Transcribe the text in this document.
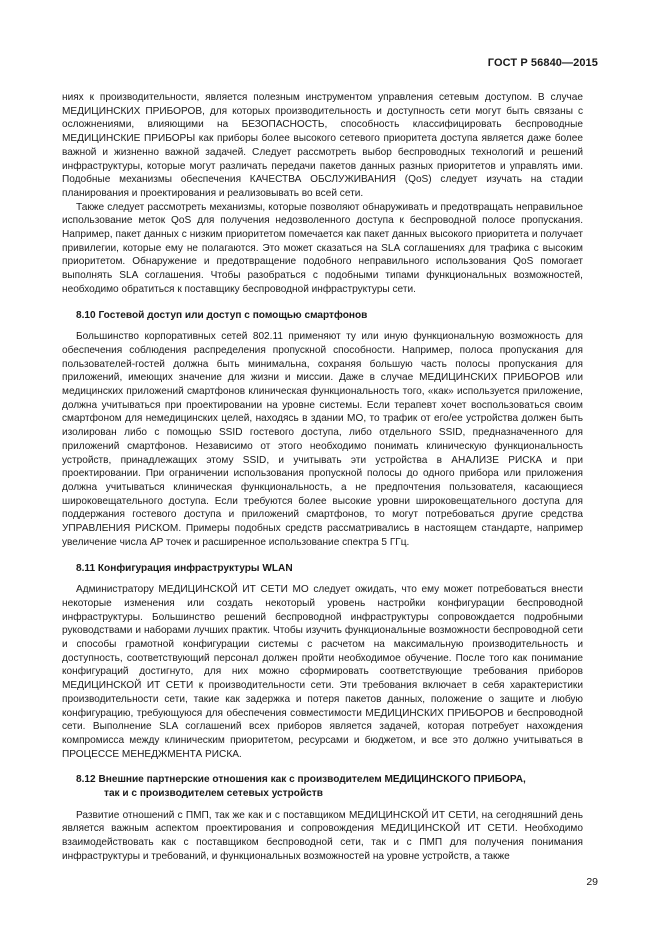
ГОСТ Р 56840—2015

ниях к производительности, является полезным инструментом управления сетевым доступом. В случае МЕДИЦИНСКИХ ПРИБОРОВ, для которых производительность и доступность сети могут быть связаны с осложнениями, влияющими на БЕЗОПАСНОСТЬ, способность классифицировать беспроводные МЕДИЦИНСКИЕ ПРИБОРЫ как приборы более высокого сетевого приоритета доступа является даже более важной и жизненно важной задачей. Следует рассмотреть выбор беспроводных технологий и решений инфраструктуры, которые могут различать передачи пакетов данных разных приоритетов и управлять ими. Подобные механизмы обеспечения КАЧЕСТВА ОБСЛУЖИВАНИЯ (QoS) следует изучать на стадии планирования и проектирования и реализовывать во всей сети.

Также следует рассмотреть механизмы, которые позволяют обнаруживать и предотвращать неправильное использование меток QoS для получения недозволенного доступа к беспроводной полосе пропускания. Например, пакет данных с низким приоритетом помечается как пакет данных высокого приоритета и получает привилегии, которые ему не полагаются. Это может сказаться на SLA соглашениях для трафика с высоким приоритетом. Обнаружение и предотвращение подобного неправильного использования QoS помогает выполнять SLA соглашения. Чтобы разобраться с подобными типами функциональных возможностей, необходимо обратиться к поставщику беспроводной инфраструктуры сети.

8.10 Гостевой доступ или доступ с помощью смартфонов

Большинство корпоративных сетей 802.11 применяют ту или иную функциональную возможность для обеспечения соблюдения распределения пропускной способности. Например, полоса пропускания для пользователей-гостей должна быть минимальна, сохраняя большую часть полосы пропускания для приложений, имеющих значение для жизни и миссии. Даже в случае МЕДИЦИНСКИХ ПРИБОРОВ или медицинских приложений смартфонов клиническая функциональность того, «как» используется приложение, должна учитываться при проектировании на уровне системы. Если терапевт хочет воспользоваться своим смартфоном для немедицинских целей, находясь в здании МО, то трафик от его/ее устройства должен быть изолирован либо с помощью SSID гостевого доступа, либо отдельного SSID, предназначенного для приложений смартфонов. Независимо от этого необходимо понимать клиническую функциональность устройств, принадлежащих этому SSID, и учитывать эти устройства в АНАЛИЗЕ РИСКА и при проектировании. При ограничении использования пропускной полосы до одного прибора или приложения должна учитываться клиническая функциональность, а не предпочтения пользователя, касающиеся широковещательного доступа. Если требуются более высокие уровни широковещательного доступа для поддержания гостевого доступа и приложений смартфонов, то могут потребоваться другие средства УПРАВЛЕНИЯ РИСКОМ. Примеры подобных средств рассматривались в настоящем стандарте, например увеличение числа AP точек и расширенное использование спектра 5 ГГц.

8.11 Конфигурация инфраструктуры WLAN

Администратору МЕДИЦИНСКОЙ ИТ СЕТИ МО следует ожидать, что ему может потребоваться внести некоторые изменения или создать некоторый уровень настройки конфигурации беспроводной инфраструктуры. Большинство решений беспроводной инфраструктуры сопровождается подробными руководствами и наборами лучших практик. Чтобы изучить функциональные возможности беспроводной сети и способы грамотной конфигурации системы с расчетом на максимальную производительность и доступность, соответствующий персонал должен пройти необходимое обучение. После того как понимание конфигураций достигнуто, для них можно сформировать соответствующие требования приборов МЕДИЦИНСКОЙ ИТ СЕТИ к производительности сети. Эти требования включает в себя характеристики производительности сети, такие как задержка и потеря пакетов данных, положение о защите и любую конфигурацию, требующуюся для обеспечения совместимости МЕДИЦИНСКИХ ПРИБОРОВ и беспроводной сети. Выполнение SLA соглашений всех приборов является задачей, которая потребует нахождения компромисса между клиническим приоритетом, ресурсами и бюджетом, и все это должно учитываться в ПРОЦЕССЕ МЕНЕДЖМЕНТА РИСКА.

8.12 Внешние партнерские отношения как с производителем МЕДИЦИНСКОГО ПРИБОРА,
так и с производителем сетевых устройств

Развитие отношений с ПМП, так же как и с поставщиком МЕДИЦИНСКОЙ ИТ СЕТИ, на сегодняшний день является важным аспектом проектирования и сопровождения МЕДИЦИНСКОЙ ИТ СЕТИ. Необходимо взаимодействовать как с поставщиком беспроводной сети, так и с ПМП для получения понимания инфраструктуры и требований, и функциональных возможностей на уровне устройств, а также

29
